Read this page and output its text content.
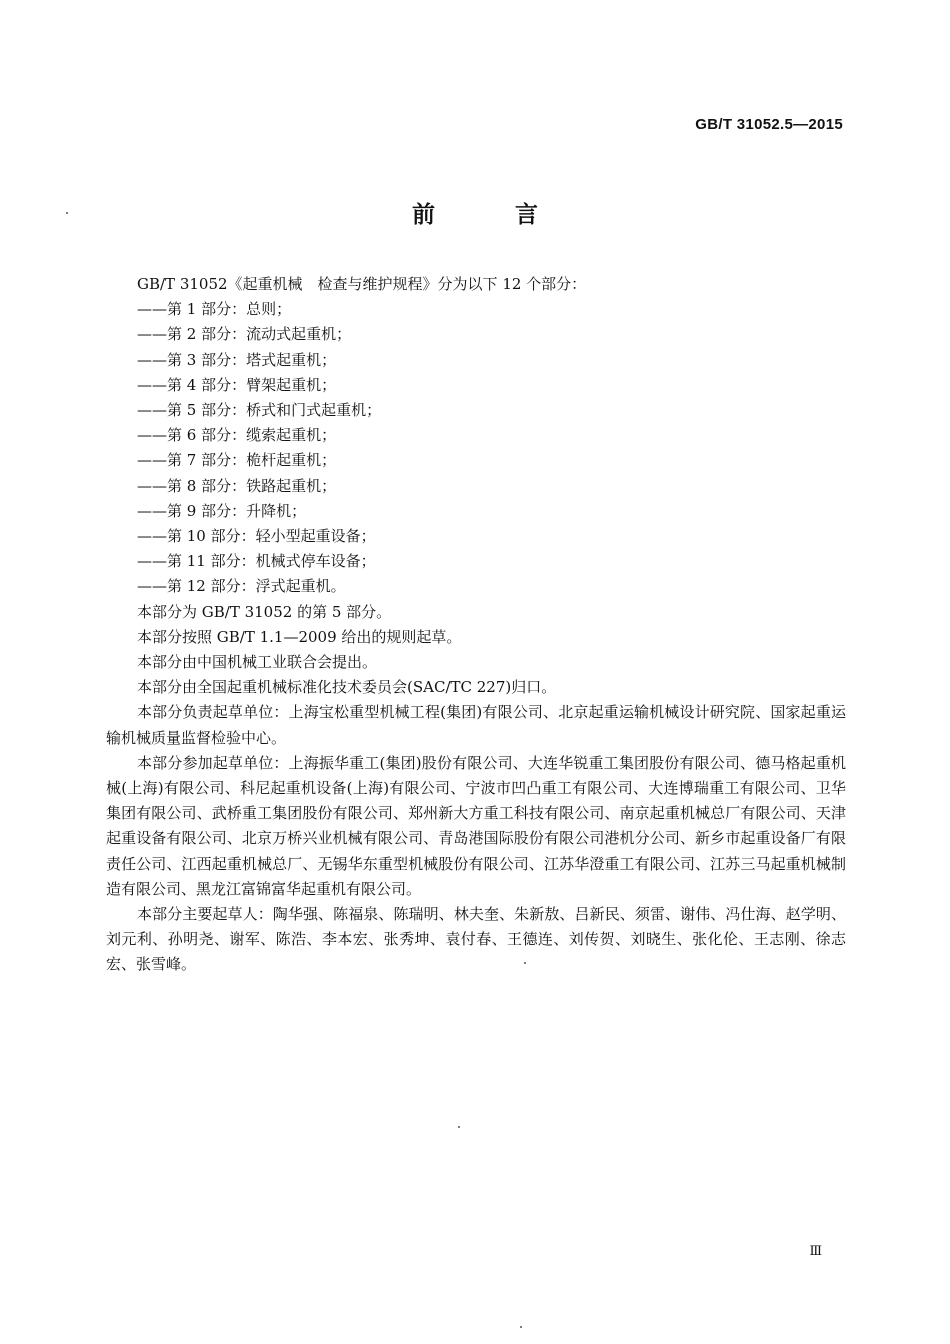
GB/T 31052.5—2015
前 言

GB/T 31052《起重机械　检查与维护规程》分为以下 12 个部分：

——第 1 部分：总则；

——第 2 部分：流动式起重机；

——第 3 部分：塔式起重机；

——第 4 部分：臂架起重机；

——第 5 部分：桥式和门式起重机；

——第 6 部分：缆索起重机；

——第 7 部分：桅杆起重机；

——第 8 部分：铁路起重机；

——第 9 部分：升降机；

——第 10 部分：轻小型起重设备；

——第 11 部分：机械式停车设备；

——第 12 部分：浮式起重机。

本部分为 GB/T 31052 的第 5 部分。

本部分按照 GB/T 1.1—2009 给出的规则起草。

本部分由中国机械工业联合会提出。

本部分由全国起重机械标准化技术委员会(SAC/TC 227)归口。

本部分负责起草单位：上海宝松重型机械工程(集团)有限公司、北京起重运输机械设计研究院、国家起重运输机械质量监督检验中心。

本部分参加起草单位：上海振华重工(集团)股份有限公司、大连华锐重工集团股份有限公司、德马格起重机械(上海)有限公司、科尼起重机设备(上海)有限公司、宁波市凹凸重工有限公司、大连博瑞重工有限公司、卫华集团有限公司、武桥重工集团股份有限公司、郑州新大方重工科技有限公司、南京起重机械总厂有限公司、天津起重设备有限公司、北京万桥兴业机械有限公司、青岛港国际股份有限公司港机分公司、新乡市起重设备厂有限责任公司、江西起重机械总厂、无锡华东重型机械股份有限公司、江苏华澄重工有限公司、江苏三马起重机械制造有限公司、黑龙江富锦富华起重机有限公司。

本部分主要起草人：陶华强、陈福泉、陈瑞明、林夫奎、朱新敖、吕新民、须雷、谢伟、冯仕海、赵学明、刘元利、孙明尧、谢军、陈浩、李本宏、张秀坤、袁付春、王德连、刘传贺、刘晓生、张化伦、王志刚、徐志宏、张雪峰。

Ⅲ
